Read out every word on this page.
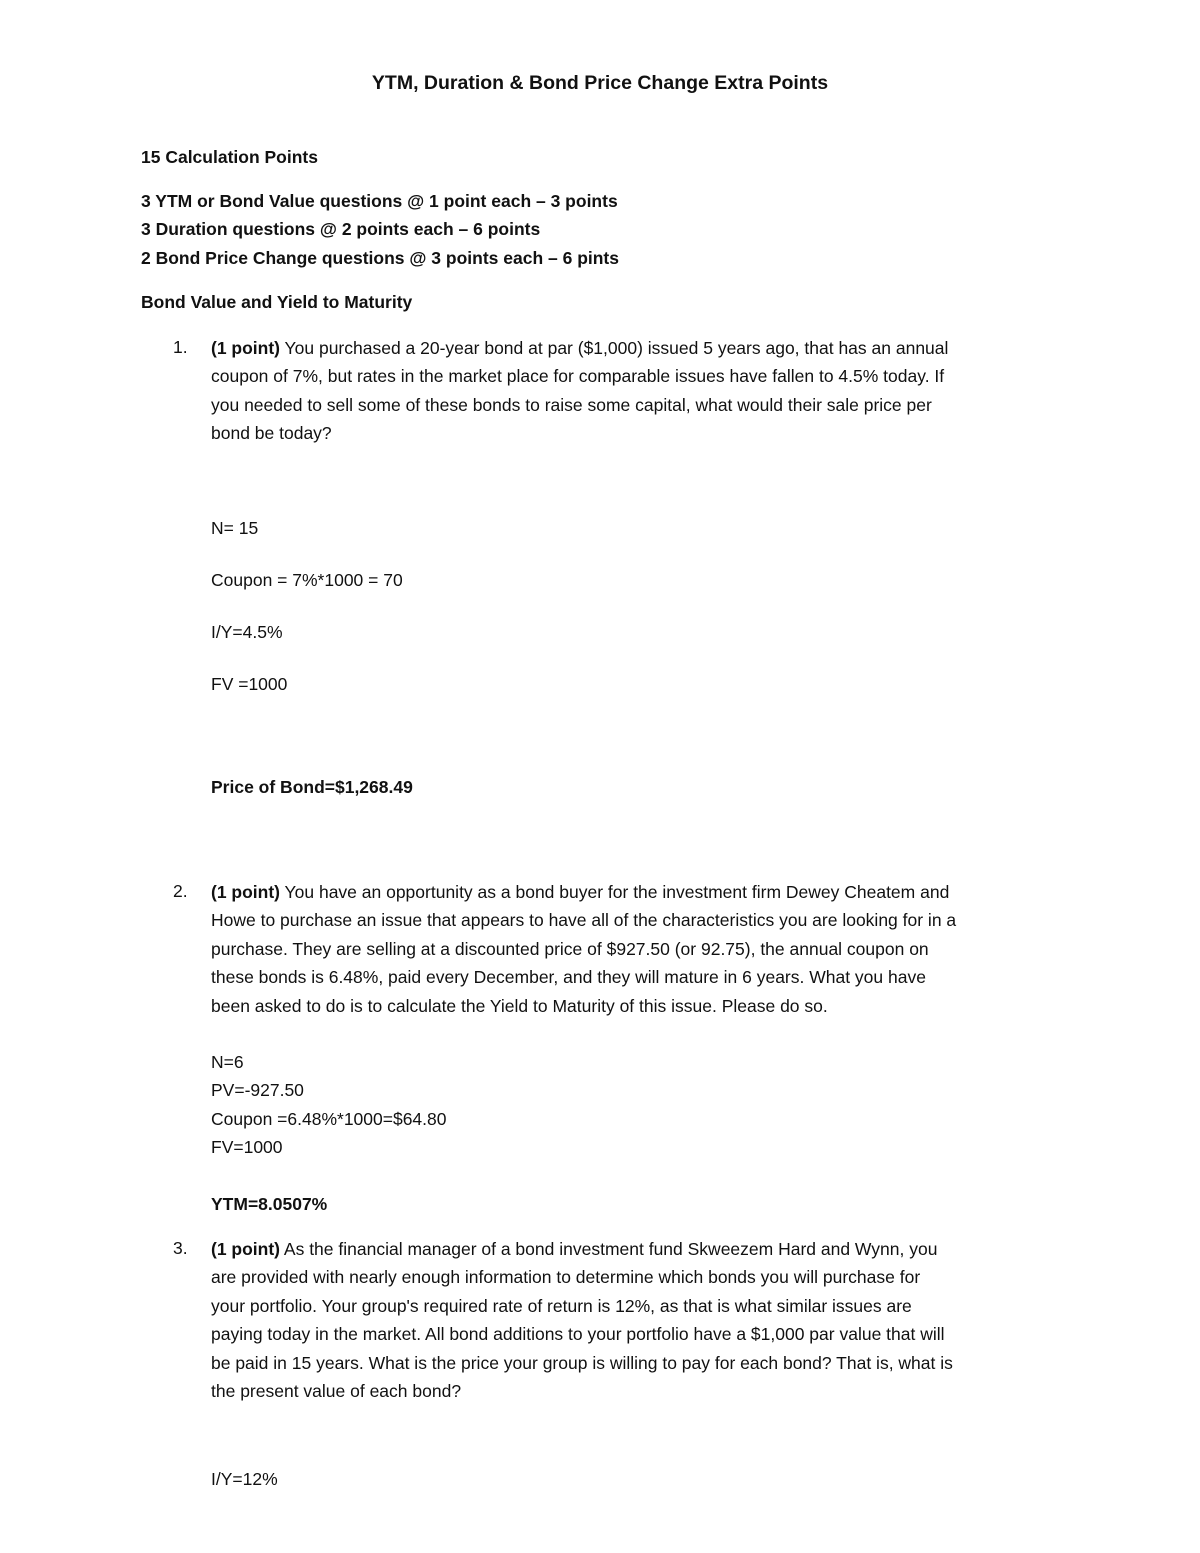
YTM, Duration & Bond Price Change Extra Points
15 Calculation Points
3 YTM or Bond Value questions @ 1 point each – 3 points
3 Duration questions @ 2 points each – 6 points
2 Bond Price Change questions @ 3 points each – 6 pints
Bond Value and Yield to Maturity
1.	(1 point) You purchased a 20-year bond at par ($1,000) issued 5 years ago, that has an annual
coupon of 7%, but rates in the market place for comparable issues have fallen to 4.5% today. If
you needed to sell some of these bonds to raise some capital, what would their sale price per
bond be today?
N= 15
Coupon = 7%*1000 = 70
I/Y=4.5%
FV =1000
Price of Bond=$1,268.49
2.	(1 point) You have an opportunity as a bond buyer for the investment firm Dewey Cheatem and
Howe to purchase an issue that appears to have all of the characteristics you are looking for in a
purchase. They are selling at a discounted price of $927.50 (or 92.75), the annual coupon on
these bonds is 6.48%, paid every December, and they will mature in 6 years. What you have
been asked to do is to calculate the Yield to Maturity of this issue. Please do so.
N=6
PV=-927.50
Coupon =6.48%*1000=$64.80
FV=1000
YTM=8.0507%
3.	(1 point) As the financial manager of a bond investment fund Skweezem Hard and Wynn, you
are provided with nearly enough information to determine which bonds you will purchase for
your portfolio. Your group's required rate of return is 12%, as that is what similar issues are
paying today in the market. All bond additions to your portfolio have a $1,000 par value that will
be paid in 15 years. What is the price your group is willing to pay for each bond? That is, what is
the present value of each bond?
I/Y=12%
